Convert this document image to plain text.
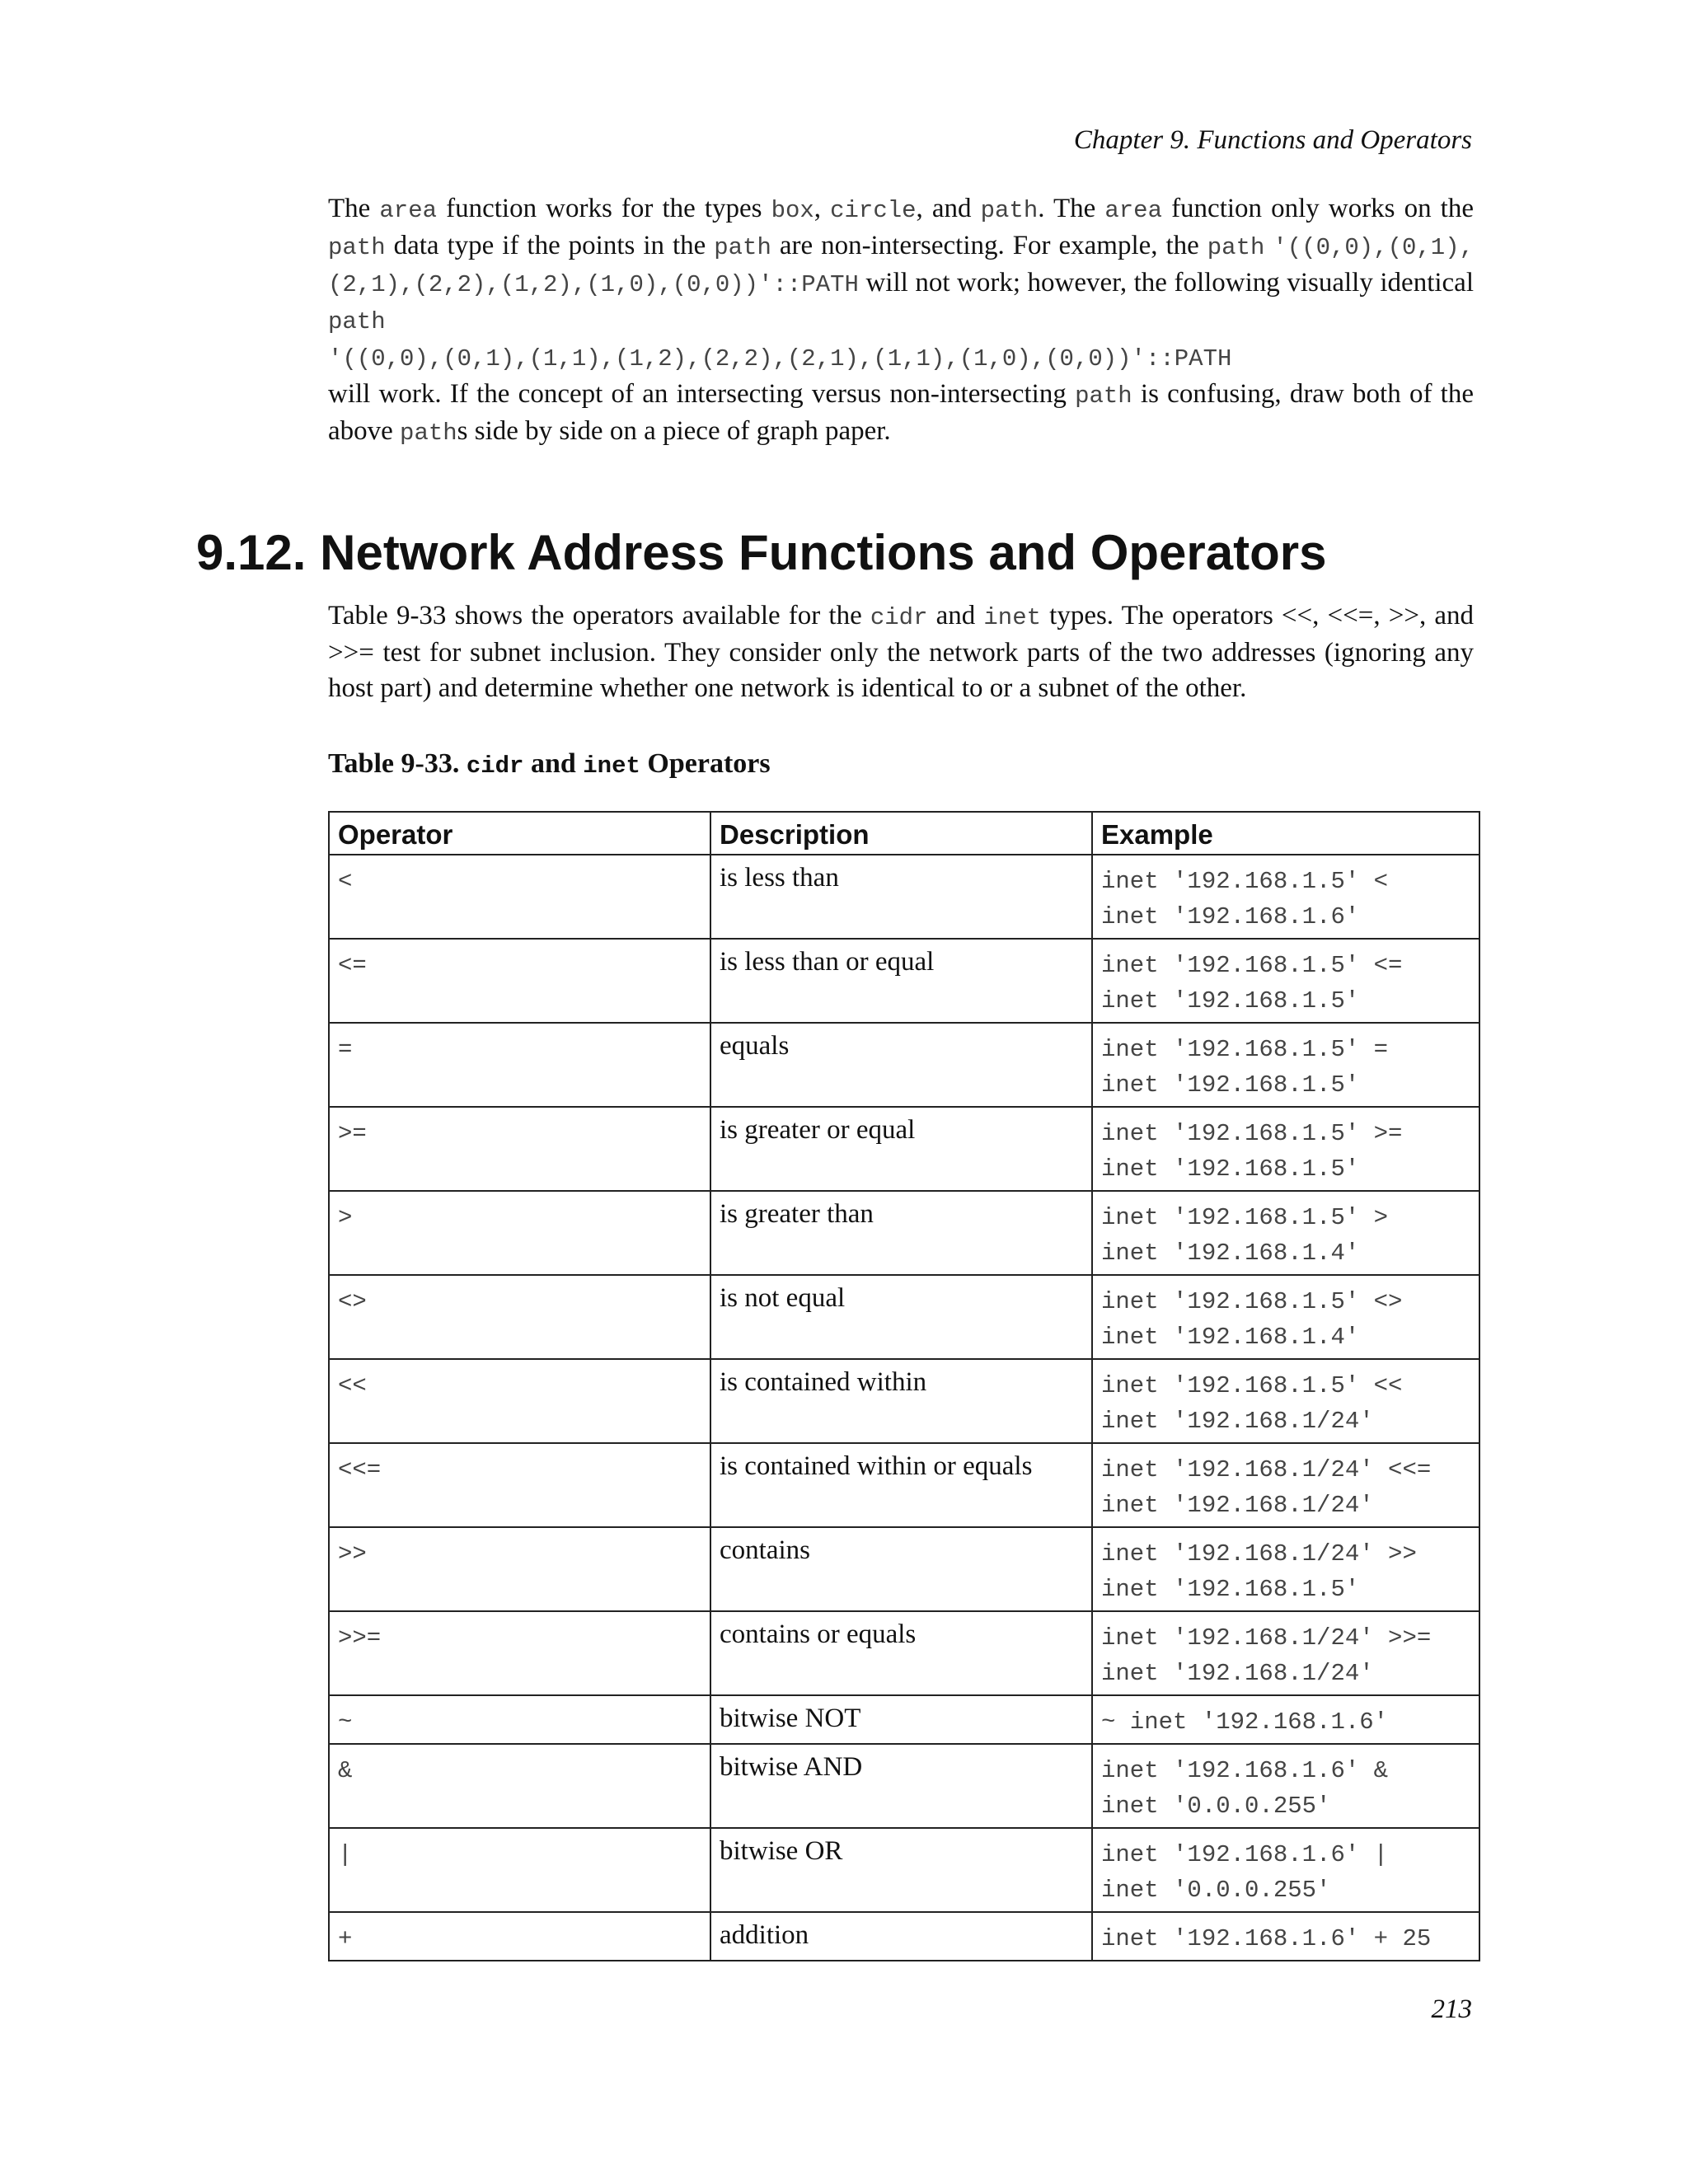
Chapter 9. Functions and Operators

The area function works for the types box, circle, and path. The area function only works on the path data type if the points in the path are non-intersecting. For example, the path '((0,0),(0,1),(2,1),(2,2),(1,2),(1,0),(0,0))'::PATH will not work; however, the following visually identical path

'((0,0),(0,1),(1,1),(1,2),(2,2),(2,1),(1,1),(1,0),(0,0))'::PATH

will work. If the concept of an intersecting versus non-intersecting path is confusing, draw both of the above paths side by side on a piece of graph paper.

9.12. Network Address Functions and Operators

Table 9-33 shows the operators available for the cidr and inet types. The operators <<, <<=, >>, and >>= test for subnet inclusion. They consider only the network parts of the two addresses (ignoring any host part) and determine whether one network is identical to or a subnet of the other.

Table 9-33. cidr and inet Operators

Operator	Description	Example
<	is less than	inet '192.168.1.5' <
inet '192.168.1.6'

<=	is less than or equal	inet '192.168.1.5' <=
inet '192.168.1.5'

=	equals	inet '192.168.1.5' =
inet '192.168.1.5'

>=	is greater or equal	inet '192.168.1.5' >=
inet '192.168.1.5'

>	is greater than	inet '192.168.1.5' >
inet '192.168.1.4'

<>	is not equal	inet '192.168.1.5' <>
inet '192.168.1.4'

<<	is contained within	inet '192.168.1.5' <<
inet '192.168.1/24'

<<=	is contained within or equals	inet '192.168.1/24' <<=
inet '192.168.1/24'

>>	contains	inet '192.168.1/24' >>
inet '192.168.1.5'

>>=	contains or equals	inet '192.168.1/24' >>=
inet '192.168.1/24'

~	bitwise NOT	~ inet '192.168.1.6'

&	bitwise AND	inet '192.168.1.6' &
inet '0.0.0.255'

|	bitwise OR	inet '192.168.1.6' |
inet '0.0.0.255'

+	addition	inet '192.168.1.6' + 25
213
